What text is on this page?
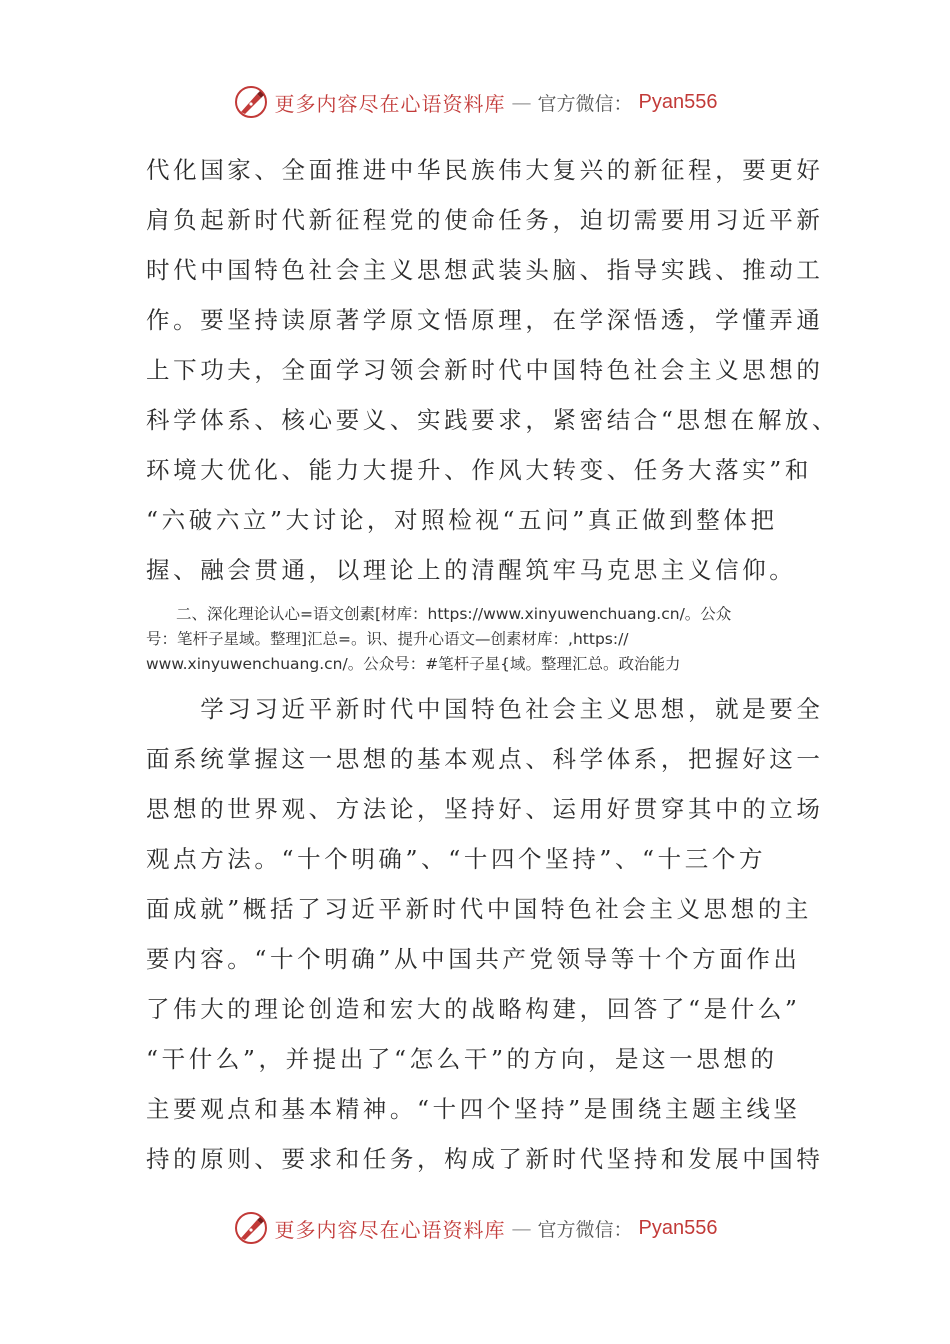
更多内容尽在心语资料库 — 官方微信： Pyan556
代化国家、全面推进中华民族伟大复兴的新征程，要更好
肩负起新时代新征程党的使命任务，迫切需要用习近平新
时代中国特色社会主义思想武装头脑、指导实践、推动工
作。要坚持读原著学原文悟原理，在学深悟透，学懂弄通
上下功夫，全面学习领会新时代中国特色社会主义思想的
科学体系、核心要义、实践要求，紧密结合“思想在解放、
环境大优化、能力大提升、作风大转变、任务大落实”和
“六破六立”大讨论，对照检视“五问”真正做到整体把
握、融会贯通，以理论上的清醒筑牢马克思主义信仰。
二、深化理论认心=语文创素[材库：https://www.xinyuwenchuang.cn/。公众
号：笔杆子星域。整理]汇总=。识、提升心语文—创素材库：,https://
www.xinyuwenchuang.cn/。公众号：#笔杆子星{域。整理汇总。政治能力
　　学习习近平新时代中国特色社会主义思想，就是要全
面系统掌握这一思想的基本观点、科学体系，把握好这一
思想的世界观、方法论，坚持好、运用好贯穿其中的立场
观点方法。“十个明确”、“十四个坚持”、“十三个方
面成就”概括了习近平新时代中国特色社会主义思想的主
要内容。“十个明确”从中国共产党领导等十个方面作出
了伟大的理论创造和宏大的战略构建，回答了“是什么”
“干什么”，并提出了“怎么干”的方向，是这一思想的
主要观点和基本精神。“十四个坚持”是围绕主题主线坚
持的原则、要求和任务，构成了新时代坚持和发展中国特
更多内容尽在心语资料库 — 官方微信： Pyan556
